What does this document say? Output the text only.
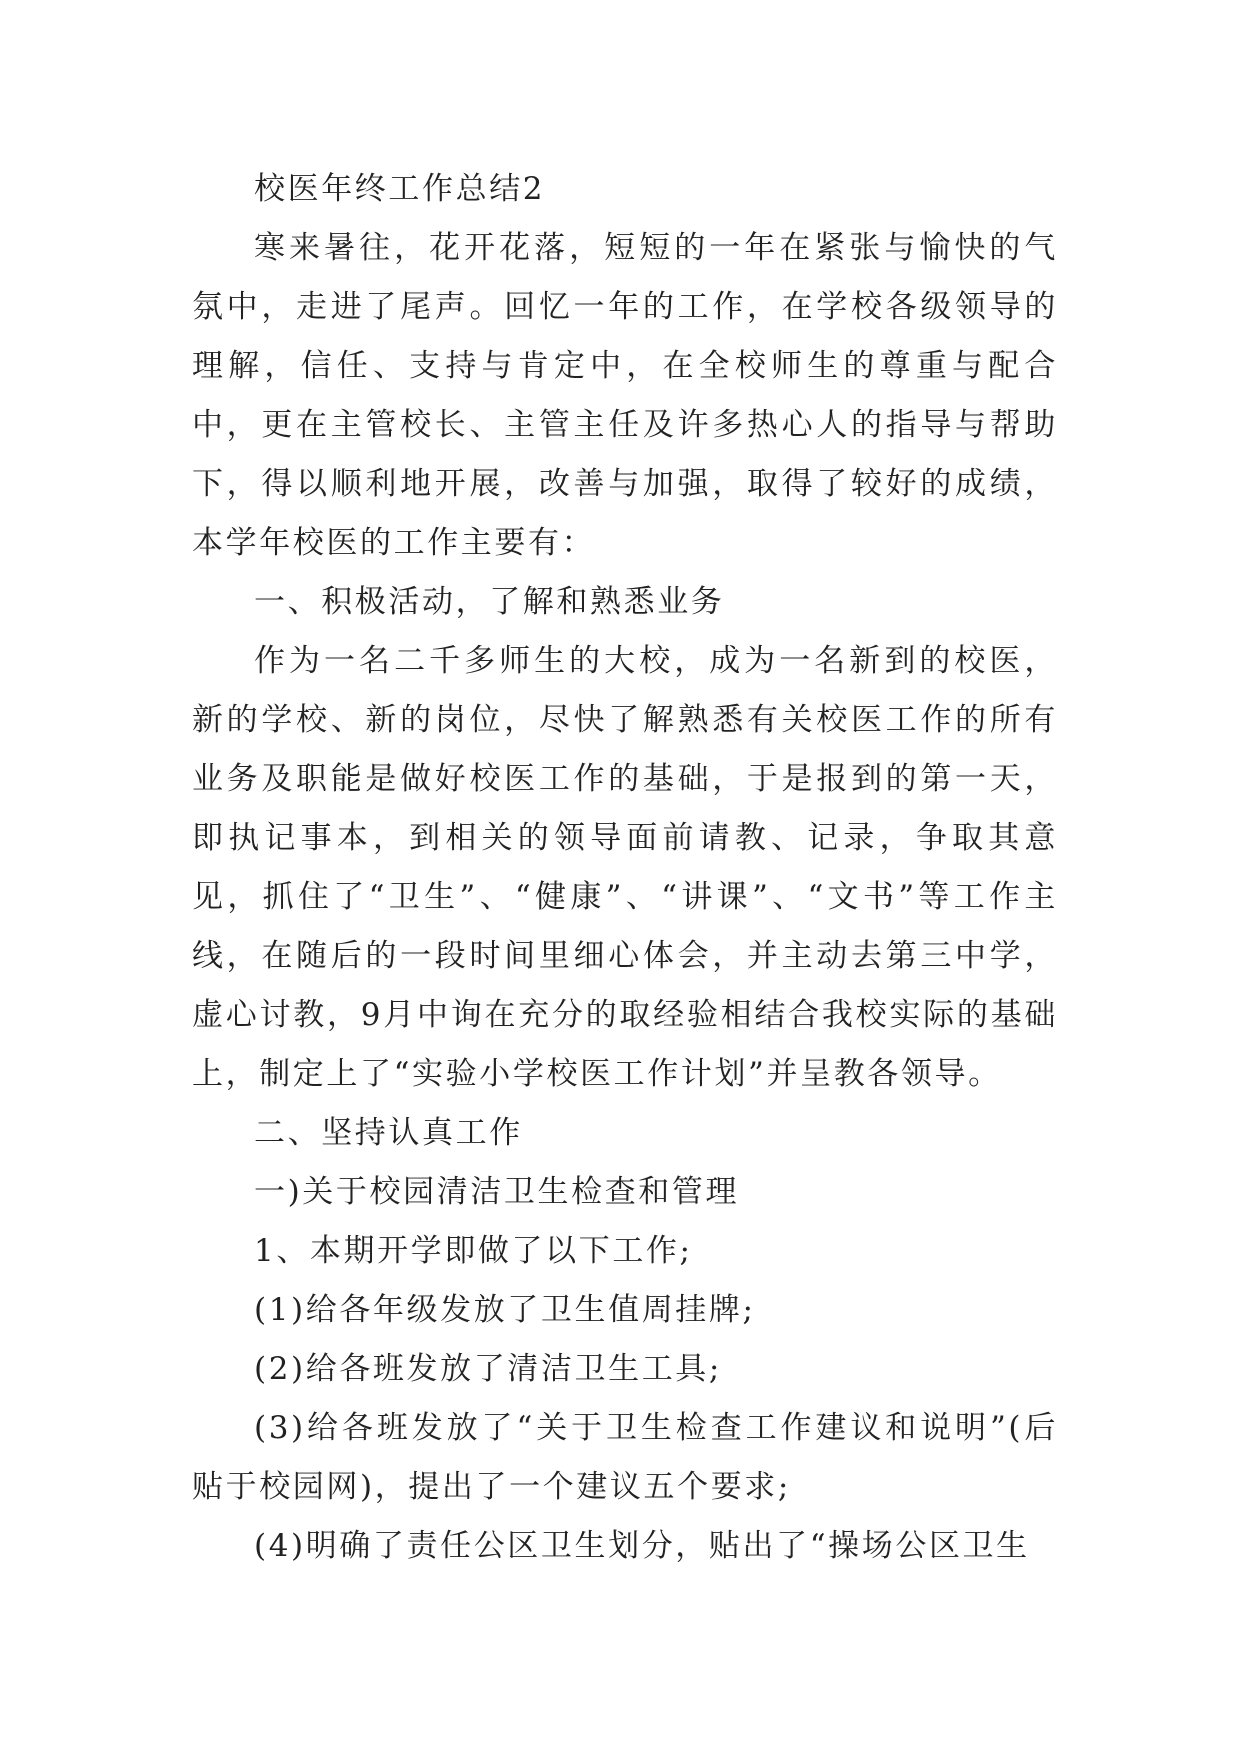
校医年终工作总结2

寒来暑往，花开花落，短短的一年在紧张与愉快的气氛中，走进了尾声。回忆一年的工作，在学校各级领导的理解，信任、支持与肯定中，在全校师生的尊重与配合中，更在主管校长、主管主任及许多热心人的指导与帮助下，得以顺利地开展，改善与加强，取得了较好的成绩，本学年校医的工作主要有：

一、积极活动，了解和熟悉业务

作为一名二千多师生的大校，成为一名新到的校医，新的学校、新的岗位，尽快了解熟悉有关校医工作的所有业务及职能是做好校医工作的基础，于是报到的第一天，即执记事本，到相关的领导面前请教、记录，争取其意见，抓住了“卫生”、“健康”、“讲课”、“文书”等工作主线，在随后的一段时间里细心体会，并主动去第三中学，虚心讨教，9月中询在充分的取经验相结合我校实际的基础上，制定上了“实验小学校医工作计划”并呈教各领导。

二、坚持认真工作

一)关于校园清洁卫生检查和管理

1、本期开学即做了以下工作;

(1)给各年级发放了卫生值周挂牌;

(2)给各班发放了清洁卫生工具;

(3)给各班发放了“关于卫生检查工作建议和说明”(后贴于校园网)，提出了一个建议五个要求;

(4)明确了责任公区卫生划分，贴出了“操场公区卫生
